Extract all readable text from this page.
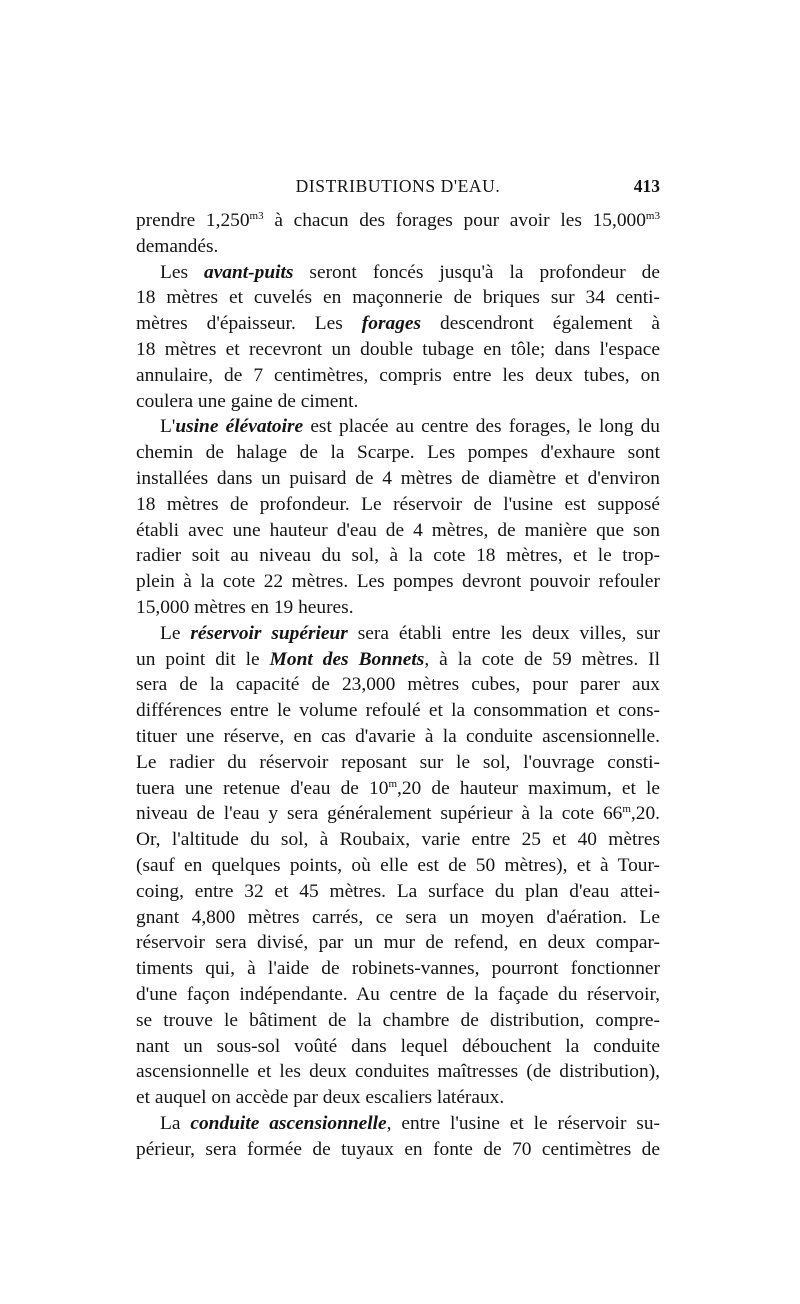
DISTRIBUTIONS D'EAU.	413
prendre $1,250^{m3}$ à chacun des forages pour avoir les $15,000^{m3}$
demandés.
Les avant-puits seront foncés jusqu'à la profondeur de
18 mètres et cuvelés en maçonnerie de briques sur 34 centi-
mètres d'épaisseur. Les forages descendront également à
18 mètres et recevront un double tubage en tôle; dans l'espace
annulaire, de 7 centimètres, compris entre les deux tubes, on
coulera une gaine de ciment.
L'usine élévatoire est placée au centre des forages, le long du
chemin de halage de la Scarpe. Les pompes d'exhaure sont
installées dans un puisard de 4 mètres de diamètre et d'environ
18 mètres de profondeur. Le réservoir de l'usine est supposé
établi avec une hauteur d'eau de 4 mètres, de manière que son
radier soit au niveau du sol, à la cote 18 mètres, et le trop-
plein à la cote 22 mètres. Les pompes devront pouvoir refouler
15,000 mètres en 19 heures.
Le réservoir supérieur sera établi entre les deux villes, sur
un point dit le Mont des Bonnets, à la cote de 59 mètres. Il
sera de la capacité de 23,000 mètres cubes, pour parer aux
différences entre le volume refoulé et la consommation et cons-
tituer une réserve, en cas d'avarie à la conduite ascensionnelle.
Le radier du réservoir reposant sur le sol, l'ouvrage consti-
tuera une retenue d'eau de 10$^m$,20 de hauteur maximum, et le
niveau de l'eau y sera généralement supérieur à la cote 66$^m$,20.
Or, l'altitude du sol, à Roubaix, varie entre 25 et 40 mètres
(sauf en quelques points, où elle est de 50 mètres), et à Tour-
coing, entre 32 et 45 mètres. La surface du plan d'eau attei-
gnant 4,800 mètres carrés, ce sera un moyen d'aération. Le
réservoir sera divisé, par un mur de refend, en deux compar-
timents qui, à l'aide de robinets-vannes, pourront fonctionner
d'une façon indépendante. Au centre de la façade du réservoir,
se trouve le bâtiment de la chambre de distribution, compre-
nant un sous-sol voûté dans lequel débouchent la conduite
ascensionnelle et les deux conduites maîtresses (de distribution),
et auquel on accède par deux escaliers latéraux.
La conduite ascensionnelle, entre l'usine et le réservoir su-
périeur, sera formée de tuyaux en fonte de 70 centimètres de
